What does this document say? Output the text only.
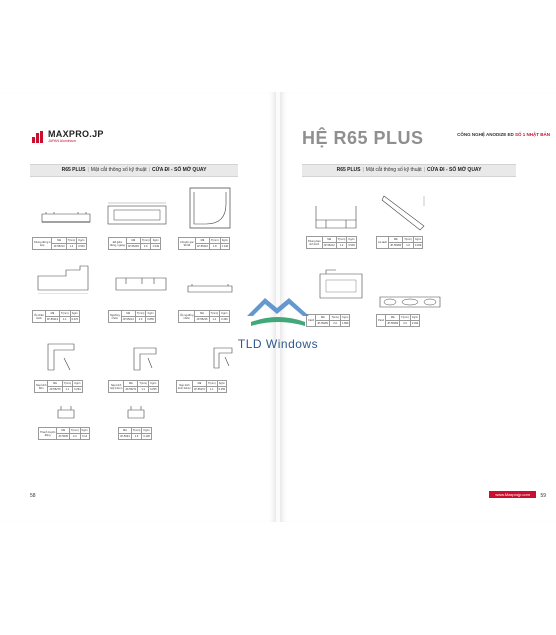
MAXPRO.JP
JAPAN Aluminium
R65 PLUS | Mặt cắt thông số kỹ thuật | CỬA ĐI - SỐ MỞ QUAY
Khung đứng ô
kép	Mã	T(mm)	Kg/m
	JP-55213	1.2	0.549
Đố giữa
đứng, ngang	Mã	T(mm)	Kg/m
	JP-55203	2.0	1.549
Chuyển góc
90-90	Mã	T(mm)	Kg/m
	JP-55210	1.8	1.136
Ốp chân
cánh	Mã	T(mm)	Kg/m
	JP-55213	1.1	0.470
Ngưỡng
nhôm	Mã	T(mm)	Kg/m
	JP-55214	2.0	0.855
Ốp ngưỡng
nhôm	Mã	T(mm)	Kg/m
	JP-55215	1.2	0.466
Nẹp kính
đơn	Mã	T(mm)	Kg/m
	JP-55270	1.1	0.294
Nẹp kính
hộp 14mm	Mã	T(mm)	Kg/m
	JP-55271	1.1	0.255
Nẹp kính
kính 22mm	Mã	T(mm)	Kg/m
	JP-55272	1.1	0.255
Thanh truyền
động	Mã	T(mm)	Kg/m
	JP-5535	2.3	0.14
Mã	T(mm)	Kg/m
JP-5534	1.6	0.106
58
HỆ R65 PLUS	CÔNG NGHỆ ANODIZE ED SỐ 1 NHẬT BẢN
R65 PLUS | Mặt cắt thông số kỹ thuật | CỬA ĐI - SỐ MỞ QUAY
Khung bao
tinh kính	Mã	T(mm)	Kg/m
	JP-55212	1.2	0.539
Lá sách	Mã	T(mm)	Kg/m
	JP-55280	1.0	0.459
Cánh	Mã	T(mm)	Kg/m
	JP-55281	2.0	1.896
Panô	Mã	T(mm)	Kg/m
	JP-55282	2.0	2.034
www.Maxprojp.com	59
TLD Windows
